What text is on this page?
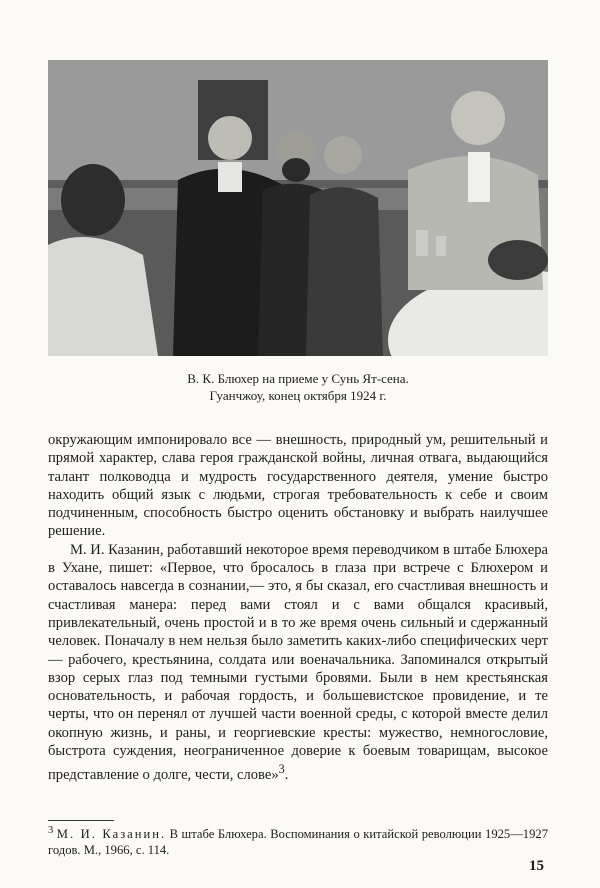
В. К. Блюхер на приеме у Сунь Ят-сена.
Гуанчжоу, конец октября 1924 г.

окружающим импонировало все — внешность, природный ум, решительный и прямой характер, слава героя гражданской войны, личная отвага, выдающийся талант полководца и мудрость государственного деятеля, умение быстро находить общий язык с людьми, строгая требовательность к себе и своим подчиненным, способность быстро оценить обстановку и выбрать наилучшее решение.

М. И. Казанин, работавший некоторое время переводчиком в штабе Блюхера в Ухане, пишет: «Первое, что бросалось в глаза при встрече с Блюхером и оставалось навсегда в сознании,— это, я бы сказал, его счастливая внешность и счастливая манера: перед вами стоял и с вами общался красивый, привлекательный, очень простой и в то же время очень сильный и сдержанный человек. Поначалу в нем нельзя было заметить каких-либо специфических черт — рабочего, крестьянина, солдата или военачальника. Запоминался открытый взор серых глаз под темными густыми бровями. Были в нем крестьянская основательность, и рабочая гордость, и большевистское провидение, и те черты, что он перенял от лучшей части военной среды, с которой вместе делил окопную жизнь, и раны, и георгиевские кресты: мужество, немногословие, быстрота суждения, неограниченное доверие к боевым товарищам, высокое представление о долге, чести, слове»$^3$.

$^3$ М. И. Казанин. В штабе Блюхера. Воспоминания о китайской революции 1925—1927 годов. М., 1966, с. 114.
15
